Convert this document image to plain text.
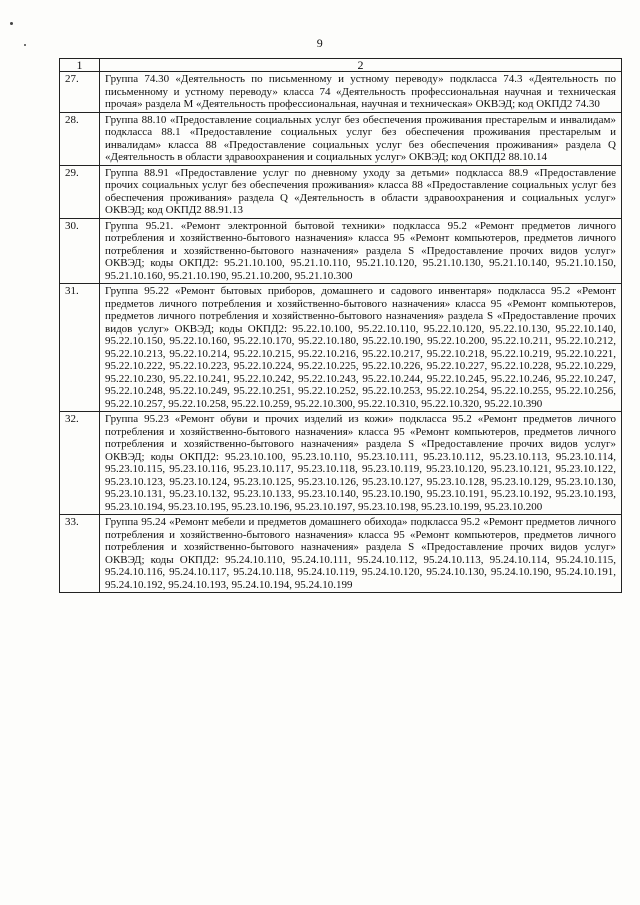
9
1	2
27.	Группа 74.30 «Деятельность по письменному и устному переводу» подкласса 74.3 «Деятельность по письменному и устному переводу» класса 74 «Деятельность профессиональная научная и техническая прочая» раздела M «Деятельность профессиональная, научная и техническая» ОКВЭД; код ОКПД2 74.30
28.	Группа 88.10 «Предоставление социальных услуг без обеспечения проживания престарелым и инвалидам» подкласса 88.1 «Предоставление социальных услуг без обеспечения проживания престарелым и инвалидам» класса 88 «Предоставление социальных услуг без обеспечения проживания» раздела Q «Деятельность в области здравоохранения и социальных услуг» ОКВЭД; код ОКПД2 88.10.14
29.	Группа 88.91 «Предоставление услуг по дневному уходу за детьми» подкласса 88.9 «Предоставление прочих социальных услуг без обеспечения проживания» класса 88 «Предоставление социальных услуг без обеспечения проживания» раздела Q «Деятельность в области здравоохранения и социальных услуг» ОКВЭД; код ОКПД2 88.91.13
30.	Группа 95.21. «Ремонт электронной бытовой техники» подкласса 95.2 «Ремонт предметов личного потребления и хозяйственно-бытового назначения» класса 95 «Ремонт компьютеров, предметов личного потребления и хозяйственно-бытового назначения» раздела S «Предоставление прочих видов услуг» ОКВЭД; коды ОКПД2: 95.21.10.100, 95.21.10.110, 95.21.10.120, 95.21.10.130, 95.21.10.140, 95.21.10.150, 95.21.10.160, 95.21.10.190, 95.21.10.200, 95.21.10.300
31.	Группа 95.22 «Ремонт бытовых приборов, домашнего и садового инвентаря» подкласса 95.2 «Ремонт предметов личного потребления и хозяйственно-бытового назначения» класса 95 «Ремонт компьютеров, предметов личного потребления и хозяйственно-бытового назначения» раздела S «Предоставление прочих видов услуг» ОКВЭД; коды ОКПД2: 95.22.10.100, 95.22.10.110, 95.22.10.120, 95.22.10.130, 95.22.10.140, 95.22.10.150, 95.22.10.160, 95.22.10.170, 95.22.10.180, 95.22.10.190, 95.22.10.200, 95.22.10.211, 95.22.10.212, 95.22.10.213, 95.22.10.214, 95.22.10.215, 95.22.10.216, 95.22.10.217, 95.22.10.218, 95.22.10.219, 95.22.10.221, 95.22.10.222, 95.22.10.223, 95.22.10.224, 95.22.10.225, 95.22.10.226, 95.22.10.227, 95.22.10.228, 95.22.10.229, 95.22.10.230, 95.22.10.241, 95.22.10.242, 95.22.10.243, 95.22.10.244, 95.22.10.245, 95.22.10.246, 95.22.10.247, 95.22.10.248, 95.22.10.249, 95.22.10.251, 95.22.10.252, 95.22.10.253, 95.22.10.254, 95.22.10.255, 95.22.10.256, 95.22.10.257, 95.22.10.258, 95.22.10.259, 95.22.10.300, 95.22.10.310, 95.22.10.320, 95.22.10.390
32.	Группа 95.23 «Ремонт обуви и прочих изделий из кожи» подкласса 95.2 «Ремонт предметов личного потребления и хозяйственно-бытового назначения» класса 95 «Ремонт компьютеров, предметов личного потребления и хозяйственно-бытового назначения» раздела S «Предоставление прочих видов услуг» ОКВЭД; коды ОКПД2: 95.23.10.100, 95.23.10.110, 95.23.10.111, 95.23.10.112, 95.23.10.113, 95.23.10.114, 95.23.10.115, 95.23.10.116, 95.23.10.117, 95.23.10.118, 95.23.10.119, 95.23.10.120, 95.23.10.121, 95.23.10.122, 95.23.10.123, 95.23.10.124, 95.23.10.125, 95.23.10.126, 95.23.10.127, 95.23.10.128, 95.23.10.129, 95.23.10.130, 95.23.10.131, 95.23.10.132, 95.23.10.133, 95.23.10.140, 95.23.10.190, 95.23.10.191, 95.23.10.192, 95.23.10.193, 95.23.10.194, 95.23.10.195, 95.23.10.196, 95.23.10.197, 95.23.10.198, 95.23.10.199, 95.23.10.200
33.	Группа 95.24 «Ремонт мебели и предметов домашнего обихода» подкласса 95.2 «Ремонт предметов личного потребления и хозяйственно-бытового назначения» класса 95 «Ремонт компьютеров, предметов личного потребления и хозяйственно-бытового назначения» раздела S «Предоставление прочих видов услуг» ОКВЭД; коды ОКПД2: 95.24.10.110, 95.24.10.111, 95.24.10.112, 95.24.10.113, 95.24.10.114, 95.24.10.115, 95.24.10.116, 95.24.10.117, 95.24.10.118, 95.24.10.119, 95.24.10.120, 95.24.10.130, 95.24.10.190, 95.24.10.191, 95.24.10.192, 95.24.10.193, 95.24.10.194, 95.24.10.199
